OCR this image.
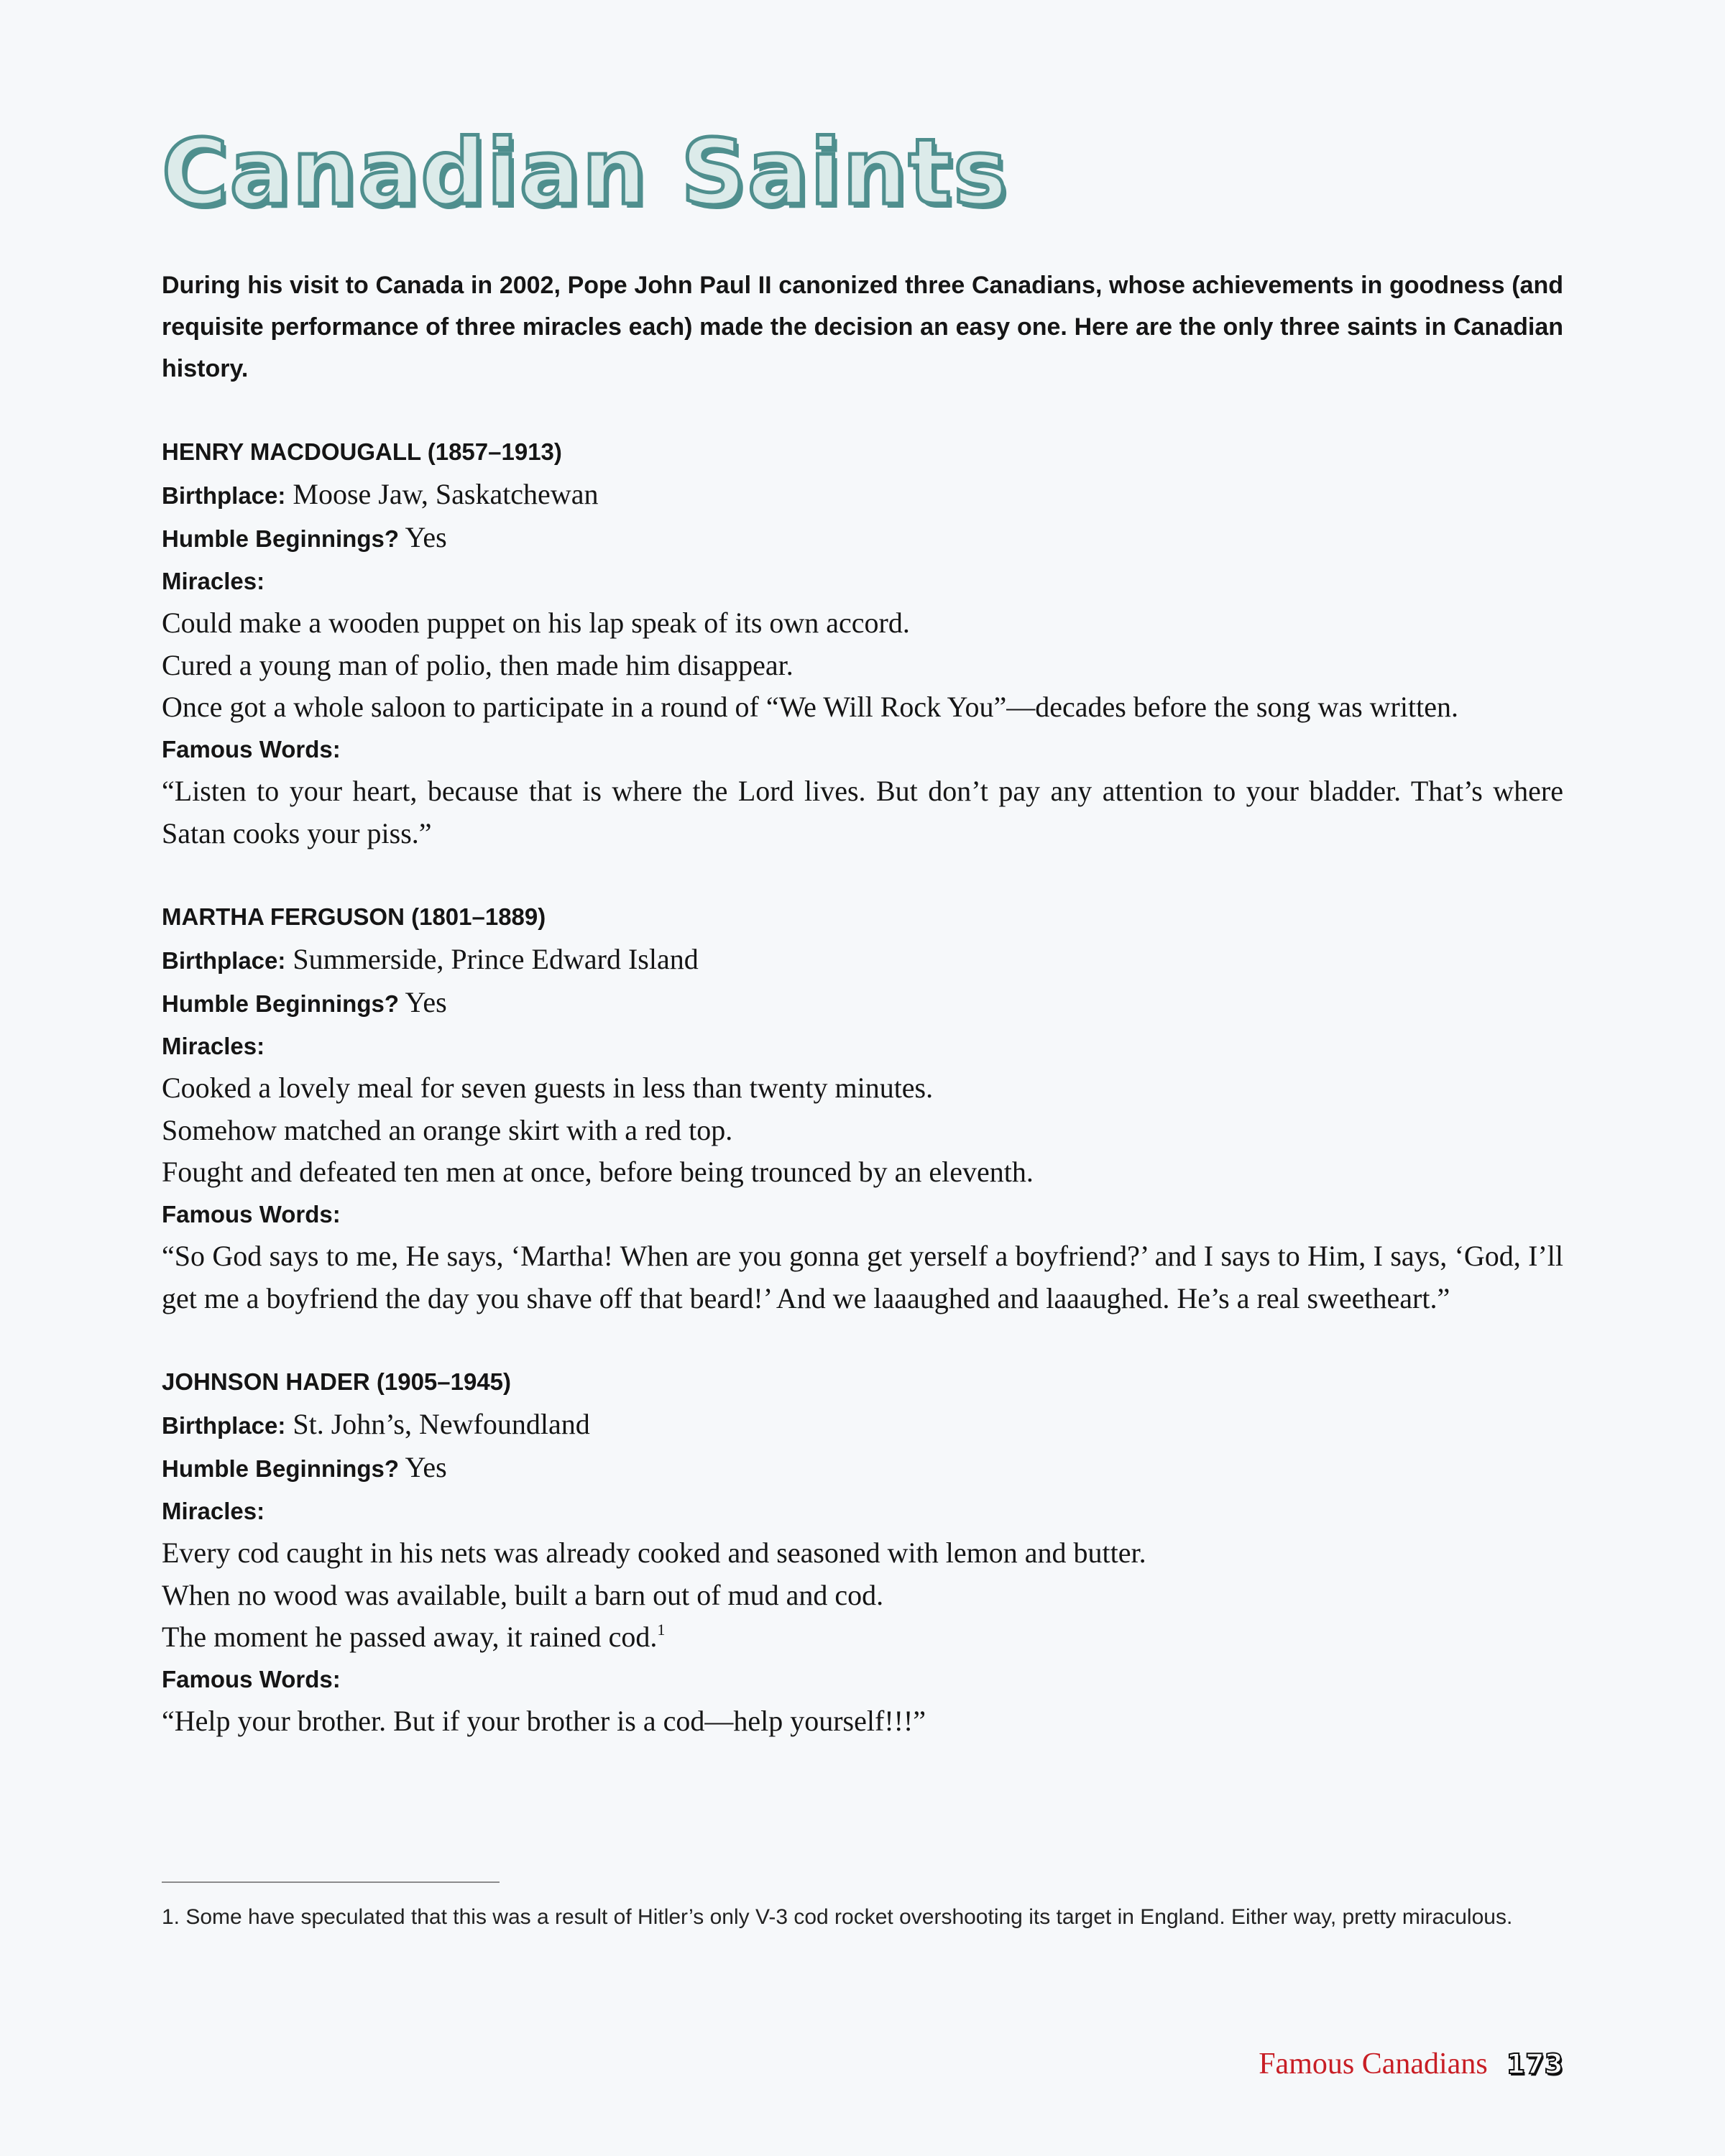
Canadian Saints

During his visit to Canada in 2002, Pope John Paul II canonized three Canadians, whose achievements in goodness (and requisite performance of three miracles each) made the decision an easy one. Here are the only three saints in Canadian history.

HENRY MACDOUGALL (1857–1913)

Birthplace: Moose Jaw, Saskatchewan

Humble Beginnings? Yes

Miracles:

Could make a wooden puppet on his lap speak of its own accord.

Cured a young man of polio, then made him disappear.

Once got a whole saloon to participate in a round of “We Will Rock You”—decades before the song was written.

Famous Words:

“Listen to your heart, because that is where the Lord lives. But don’t pay any attention to your bladder. That’s where Satan cooks your piss.”

MARTHA FERGUSON (1801–1889)

Birthplace: Summerside, Prince Edward Island

Humble Beginnings? Yes

Miracles:

Cooked a lovely meal for seven guests in less than twenty minutes.

Somehow matched an orange skirt with a red top.

Fought and defeated ten men at once, before being trounced by an eleventh.

Famous Words:

“So God says to me, He says, ‘Martha! When are you gonna get yerself a boyfriend?’ and I says to Him, I says, ‘God, I’ll get me a boyfriend the day you shave off that beard!’ And we laaaughed and laaaughed. He’s a real sweetheart.”

JOHNSON HADER (1905–1945)

Birthplace: St. John’s, Newfoundland

Humble Beginnings? Yes

Miracles:

Every cod caught in his nets was already cooked and seasoned with lemon and butter.

When no wood was available, built a barn out of mud and cod.

The moment he passed away, it rained cod.$^1$

Famous Words:

“Help your brother. But if your brother is a cod—help yourself!!!”

1. Some have speculated that this was a result of Hitler’s only V-3 cod rocket overshooting its target in England. Either way, pretty miraculous.

Famous Canadians 173
